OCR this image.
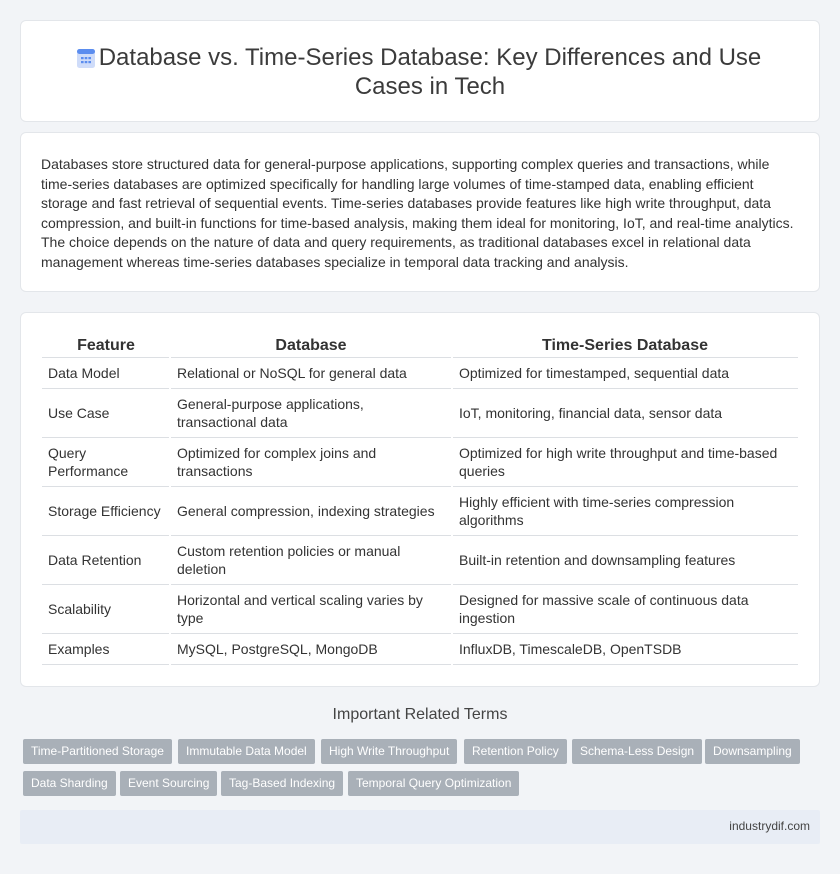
Database vs. Time-Series Database: Key Differences and Use Cases in Tech

Databases store structured data for general-purpose applications, supporting complex queries and transactions, while time-series databases are optimized specifically for handling large volumes of time-stamped data, enabling efficient storage and fast retrieval of sequential events. Time-series databases provide features like high write throughput, data compression, and built-in functions for time-based analysis, making them ideal for monitoring, IoT, and real-time analytics. The choice depends on the nature of data and query requirements, as traditional databases excel in relational data management whereas time-series databases specialize in temporal data tracking and analysis.

Feature	Database	Time-Series Database
Data Model	Relational or NoSQL for general data	Optimized for timestamped, sequential data
Use Case	General-purpose applications, transactional data	IoT, monitoring, financial data, sensor data
Query Performance	Optimized for complex joins and transactions	Optimized for high write throughput and time-based queries
Storage Efficiency	General compression, indexing strategies	Highly efficient with time-series compression algorithms
Data Retention	Custom retention policies or manual deletion	Built-in retention and downsampling features
Scalability	Horizontal and vertical scaling varies by type	Designed for massive scale of continuous data ingestion
Examples	MySQL, PostgreSQL, MongoDB	InfluxDB, TimescaleDB, OpenTSDB
Important Related Terms
Time-Partitioned Storage	Immutable Data Model	High Write Throughput	Retention Policy	Schema-Less Design	Downsampling
Data Sharding	Event Sourcing	Tag-Based Indexing	Temporal Query Optimization
industrydif.com
